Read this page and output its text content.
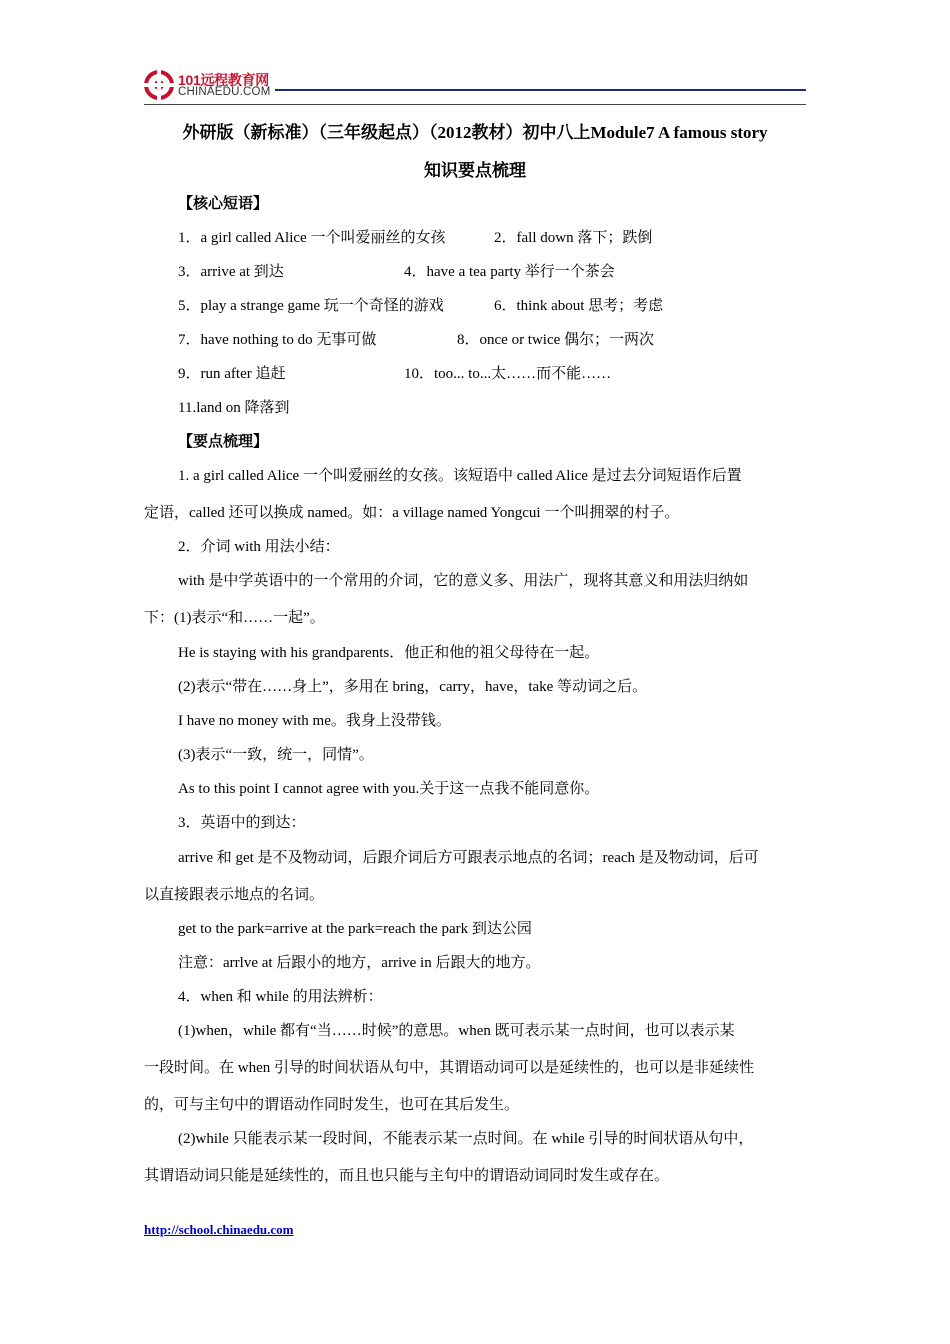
101远程教育网
CHINAEDU.COM
外研版（新标准）（三年级起点）（2012教材）初中八上Module7 A famous story
知识要点梳理
【核心短语】
1．a girl called Alice 一个叫爱丽丝的女孩	2．fall down 落下；跌倒
3．arrive at 到达	4．have a tea party 举行一个茶会
5．play a strange game 玩一个奇怪的游戏	6．think about 思考；考虑
7．have nothing to do 无事可做	8．once or twice 偶尔；一两次
9．run after 追赶	10．too... to...太……而不能……
11.land on 降落到
【要点梳理】
1. a girl called Alice 一个叫爱丽丝的女孩。该短语中 called Alice 是过去分词短语作后置
定语，called 还可以换成 named。如：a village named Yongcui 一个叫拥翠的村子。
2．介词 with 用法小结：
with 是中学英语中的一个常用的介词，它的意义多、用法广，现将其意义和用法归纳如
下：(1)表示“和……一起”。
He is staying with his grandparents．他正和他的祖父母待在一起。
(2)表示“带在……身上”，多用在 bring，carry，have，take 等动词之后。
I have no money with me。我身上没带钱。
(3)表示“一致，统一，同情”。
As to this point I cannot agree with you.关于这一点我不能同意你。
3．英语中的到达：
arrive 和 get 是不及物动词，后跟介词后方可跟表示地点的名词；reach 是及物动词，后可
以直接跟表示地点的名词。
get to the park=arrive at the park=reach the park 到达公园
注意：arrlve at 后跟小的地方，arrive in 后跟大的地方。
4．when 和 while 的用法辨析：
(1)when，while 都有“当……时候”的意思。when 既可表示某一点时间，也可以表示某
一段时间。在 when 引导的时间状语从句中，其谓语动词可以是延续性的，也可以是非延续性
的，可与主句中的谓语动作同时发生，也可在其后发生。
(2)while 只能表示某一段时间，不能表示某一点时间。在 while 引导的时间状语从句中，
其谓语动词只能是延续性的，而且也只能与主句中的谓语动词同时发生或存在。
http://school.chinaedu.com
